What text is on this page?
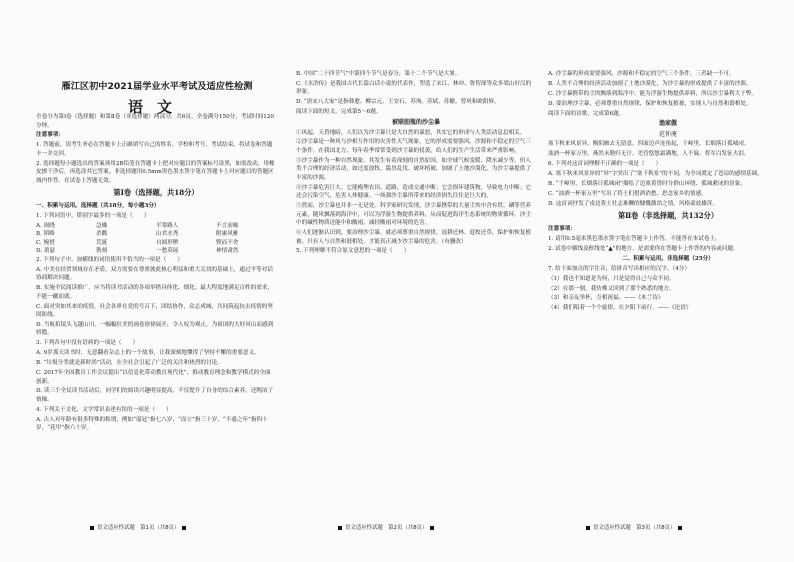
雁江区初中2021届学业水平考试及适应性检测
语文

全卷分为第Ⅰ卷（选择题）和第Ⅱ卷（非选择题）两部分，共6页。全卷满分150分，考试时间120分钟。

注意事项：

1. 答题前，请考生务必在答题卡上正确填写自己的姓名、学校和考号，考试结束，将试卷和答题卡一并交回。

2. 选择题每小题选出的答案须用2B铅笔在答题卡上把对应题目的答案标号涂黑，如需改动，用橡皮擦干净后，再选涂其它答案。非选择题用0.5mm黑色墨水签字笔在答题卡上对应题目的答题区域内作答。在试卷上答题无效。

第Ⅰ卷（选择题，共18分）

一、积累与运用。选择题（共18分，每小题3分）

1. 下列词语中，错别字最多的一项是（　　）

A. 闽晓	急燥	半筹路人	不言而喻
B. 韬略	杀戳	山君水秀	附庸风雅
C. 惋惜	荒诞	自圆形秽	锲而不舍
D. 萧瑟	镌刻	一愁莫展	神情肃然

2. 下列句子中，加横线的词语使用不恰当的一项是（　　）

A. 中美在经贸领域存在矛盾，双方需要在尊重彼此核心利益和重大关切的基础上，通过平等对话协商解决问题。

B. 实施全民阅读推广，应当将读书活动的各项举措具体化、细化、最大程度地满足百姓的需求，不能一蹴而就。

C. 面对突如其来的疫情，社会各界在党的号召下，团结协作，众志成城，共同筑起抗击疫情的坚固防线。

D. 当航拍镜头飞越山川，一幅幅壮美的画卷徐徐展开，令人叹为观止，为祖国的大好河山而感到骄傲。

3. 下列各句中没有语病的一项是（　　）

A. 9岁那天读书时，无意翻看杂志上的一个故事，让我深刻地懂得了坚持不懈的重要意义。

B. “垃圾分类就是新时尚”活动，在全社会引起了广泛的关注和热烈的讨论。

C. 2017年全国教育工作会议提出“以信息化带动教育现代化”，推动教育理念和教学模式的全面创新。

D. 读三个全民读书活动后，同学们的阅读兴趣明显提高，不仅提升了自身的综合素养，还陶冶了情操。

4. 下列关于文化、文学常识表述有误的一项是（　　）

A. 古人对年龄有很多特殊的称谓，例如“弱冠”指七八岁，“而立”指三十岁，“不惑之年”指四十岁，“花甲”指六十岁。

B. 中国“二十四节气”中第四个节气是春分，第十二个节气是大暑。

C.《水浒传》是我国古代长篇白话小说的代表作，塑造了宋江、林冲、鲁智深等众多梁山好汉的形象。

D. “唐宋八大家”是指韩愈、柳宗元、王安石、苏洵、苏轼、苏辙、曾巩和欧阳修。

阅读下面的短文，完成第5～6题。

被联胆瓶的沙尘暴

①风起，天昏地暗，人们以为沙尘暴只是大自然的暴怒，其实它的形成与人类活动息息相关。

②沙尘暴是一种风与沙相互作用的灾害性天气现象，它的形成需要强风、沙源和不稳定的空气三个条件。在我国北方，每年春季常常受到沙尘暴的侵袭，给人们的生产生活带来严重影响。

③沙尘暴作为一种自然现象，其发生有着深刻的自然原因，如全球气候变暖、降水减少等。但人类不合理的经济活动，如过度放牧、滥垦乱伐、破坏植被，加剧了土地沙漠化，为沙尘暴提供了丰富的沙源。

④沙尘暴危害巨大。它能掩埋农田、道路，造成交通中断；它会损坏建筑物，导致电力中断；它还会污染空气，危害人体健康。一场强沙尘暴所带来的经济损失往往是巨大的。

⑤然而，沙尘暴也并非一无是处。科学家研究发现，沙尘暴携带的大量尘埃中含有铁、磷等营养元素，随风飘落到海洋中，可以为浮游生物提供养料，从而促进海洋生态系统的物质循环。沙尘中的碱性物质还能中和酸雨，减轻酸雨对环境的危害。

⑥人们逐渐认识到，要治理沙尘暴，就必须尊重自然规律，退耕还林、退牧还草，保护和恢复植被。只有人与自然和谐相处，才能真正减少沙尘暴的危害。（有删改）

5. 下列理解不符合原文意思的一项是（　　）

A. 沙尘暴的形成需要强风、沙源和不稳定的空气三个条件，三者缺一不可。

B. 人类不合理的经济活动加剧了土地沙漠化，为沙尘暴的形成提供了丰富的沙源。

C. 沙尘暴携带的尘埃飘落到海洋中，能为浮游生物提供养料，所以沙尘暴利大于弊。

D. 要治理沙尘暴，必须尊重自然规律，保护和恢复植被，实现人与自然和谐相处。

阅读下面的诗歌，完成第6题。

渔家傲

范仲淹

塞下秋来风景异，衡阳雁去无留意。四面边声连角起，千嶂里，长烟落日孤城闭。

浊酒一杯家万里，燕然未勒归无计。羌管悠悠霜满地，人不寐，将军白发征夫泪。

6. 下列对这首词理解不正确的一项是（　　）

A. 塞下秋来风景异的“异”字突出了“塞下秋景”的不同，为全词奠定了苍凉的感情基调。

B. “千嶂里，长烟落日孤城闭”描绘了边塞黄昏时分群山环绕、孤城紧闭的景象。

C. “浊酒一杯家万里”写出了将士们借酒消愁、思念家乡的情感。

D. 这首词抒发了戍边将士壮志难酬的慷慨激昂之情，风格豪放雄浑。

第Ⅱ卷（非选择题，共132分）

注意事项：

1. 请用0.5毫米黑色墨水签字笔在答题卡上作答，不能答在本试卷上。

2. 试卷中横线及框线处“▲”的地方，是需要你在答题卡上作答的内容或问题。

二、积累与运用。非选择题（25分）

7. 给下面加点的字注音，给拼音写出相应的汉字。（4分）

（1）我也不知道是为何，只是觉得自己与众不同。

（2）在那一刻，我仿佛又回到了那个熟悉的地方。

（3）和亲友举杯，互相祝福。——《木兰诗》

（4）我们唱着一个个旋律，在夕阳下前行。——《论语》

语文适应性试题　第1页（共8页）	语文适应性试题　第2页（共8页）	语文适应性试题　第3页（共8页）
